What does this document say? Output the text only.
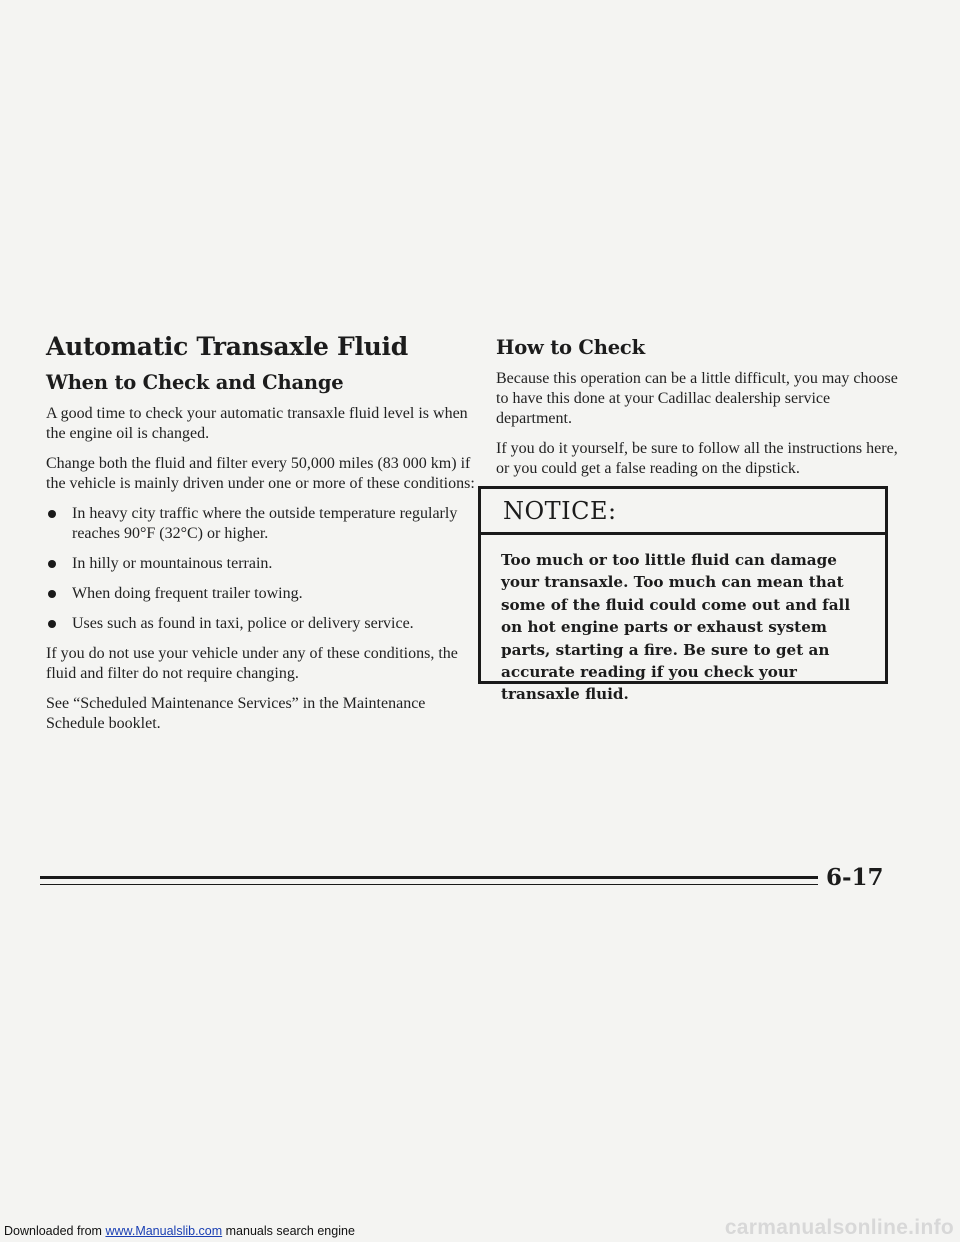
Automatic Transaxle Fluid
When to Check and Change

A good time to check your automatic transaxle fluid level is when the engine oil is changed.

Change both the fluid and filter every 50,000 miles (83 000 km) if the vehicle is mainly driven under one or more of these conditions:

In heavy city traffic where the outside temperature regularly reaches 90°F (32°C) or higher.
In hilly or mountainous terrain.
When doing frequent trailer towing.
Uses such as found in taxi, police or delivery service.

If you do not use your vehicle under any of these conditions, the fluid and filter do not require changing.

See “Scheduled Maintenance Services” in the Maintenance Schedule booklet.

How to Check

Because this operation can be a little difficult, you may choose to have this done at your Cadillac dealership service department.

If you do it yourself, be sure to follow all the instructions here, or you could get a false reading on the dipstick.

NOTICE:
Too much or too little fluid can damage your transaxle. Too much can mean that some of the fluid could come out and fall on hot engine parts or exhaust system parts, starting a fire. Be sure to get an accurate reading if you check your transaxle fluid.
6-17
Downloaded from www.Manualslib.com manuals search engine	carmanualsonline.info
